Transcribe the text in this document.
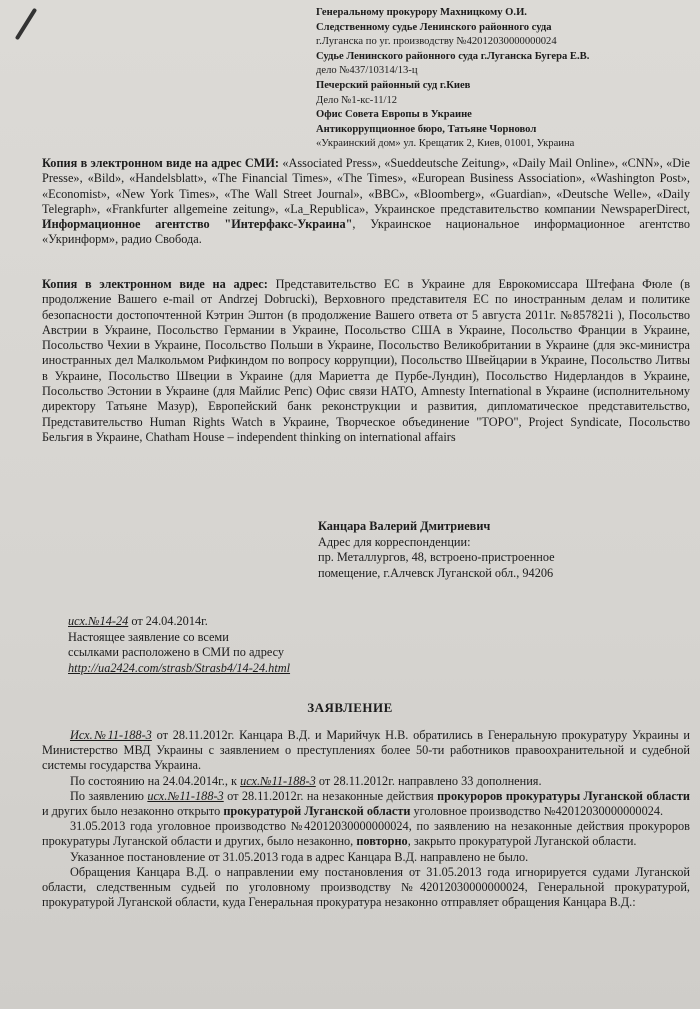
Генеральному прокурору Махницкому О.И.
Следственному судье Ленинского районного суда
г.Луганска по уг. производству №42012030000000024
Судье Ленинского районного суда г.Луганска Бугера Е.В.
дело №437/10314/13-ц
Печерский районный суд г.Киев
Дело №1-кс-11/12
Офис Совета Европы в Украине
Антикоррупционное бюро, Татьяне Чорновол
«Украинский дом» ул. Крещатик 2, Киев, 01001, Украина
Копия в электронном виде на адрес СМИ: «Associated Press», «Sueddeutsche Zeitung», «Daily Mail Online», «CNN», «Die Presse», «Bild», «Handelsblatt», «The Financial Times», «The Times», «European Business Association», «Washington Post», «Economist», «New York Times», «The Wall Street Journal», «BBC», «Bloomberg», «Guardian», «Deutsche Welle», «Daily Telegraph», «Frankfurter allgemeine zeitung», «La_Republica», Украинское представительство компании NewspaperDirect, Информационное агентство "Интерфакс-Украина", Украинское национальное информационное агентство «Укринформ», радио Свобода.
Копия в электронном виде на адрес: Представительство ЕС в Украине для Еврокомиссара Штефана Фюле (в продолжение Вашего e-mail от Andrzej Dobrucki), Верховного представителя ЕС по иностранным делам и политике безопасности достопочтенной Кэтрин Эштон (в продолжение Вашего ответа от 5 августа 2011г. №857821i ), Посольство Австрии в Украине, Посольство Германии в Украине, Посольство США в Украине, Посольство Франции в Украине, Посольство Чехии в Украине, Посольство Польши в Украине, Посольство Великобритании в Украине (для экс-министра иностранных дел Малкольмом Рифкиндом по вопросу коррупции), Посольство Швейцарии в Украине, Посольство Литвы в Украине, Посольство Швеции в Украине (для Мариетта де Пурбе-Лундин), Посольство Нидерландов в Украине, Посольство Эстонии в Украине (для Майлис Репс) Офис связи НАТО, Amnesty International в Украине (исполнительному директору Татьяне Мазур), Европейский банк реконструкции и развития, дипломатическое представительство, Представительство Human Rights Watch в Украине, Творческое объединение "ТОРО", Project Syndicate, Посольство Бельгия в Украине, Chatham House – independent thinking on international affairs
Канцара Валерий Дмитриевич
Адрес для корреспонденции:
пр. Металлургов, 48, встроено-пристроенное
помещение, г.Алчевск Луганской обл., 94206
исх.№14-24 от 24.04.2014г.
Настоящее заявление со всеми
ссылками расположено в СМИ по адресу
http://ua2424.com/strasb/Strasb4/14-24.html
ЗАЯВЛЕНИЕ

Исх.№11-188-3 от 28.11.2012г. Канцара В.Д. и Марийчук Н.В. обратились в Генеральную прокуратуру Украины и Министерство МВД Украины с заявлением о преступлениях более 50-ти работников правоохранительной и судебной системы государства Украина.

По состоянию на 24.04.2014г., к исх.№11-188-3 от 28.11.2012г. направлено 33 дополнения.

По заявлению исх.№11-188-3 от 28.11.2012г. на незаконные действия прокуроров прокуратуры Луганской области и других было незаконно открыто прокуратурой Луганской области уголовное производство №42012030000000024.

31.05.2013 года уголовное производство №42012030000000024, по заявлению на незаконные действия прокуроров прокуратуры Луганской области и других, было незаконно, повторно, закрыто прокуратурой Луганской области.

Указанное постановление от 31.05.2013 года в адрес Канцара В.Д. направлено не было.

Обращения Канцара В.Д. о направлении ему постановления от 31.05.2013 года игнорируется судами Луганской области, следственным судьей по уголовному производству №42012030000000024, Генеральной прокуратурой, прокуратурой Луганской области, куда Генеральная прокуратура незаконно отправляет обращения Канцара В.Д.:
